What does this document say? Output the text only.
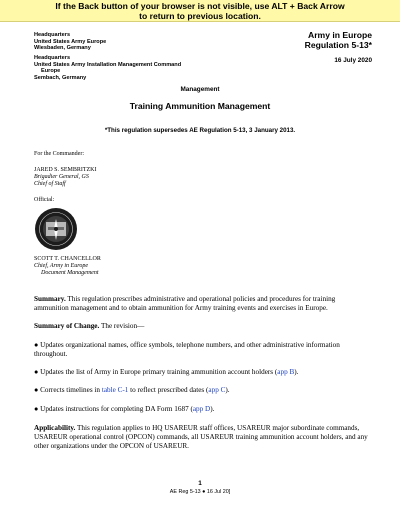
If the Back button of your browser is not visible, use ALT + Back Arrow
to return to previous location.
Headquarters
United States Army Europe
Wiesbaden, Germany
Headquarters
United States Army Installation Management Command
Europe
Sembach, Germany
Army in Europe
Regulation 5-13*
16 July 2020
Management
Training Ammunition Management
*This regulation supersedes AE Regulation 5-13, 3 January 2013.
For the Commander:
JARED S. SEMBRITZKI
Brigadier General, GS
Chief of Staff
Official:
SCOTT T. CHANCELLOR
Chief, Army in Europe
Document Management
Summary. This regulation prescribes administrative and operational policies and procedures for training ammunition management and to obtain ammunition for Army training events and exercises in Europe.
Summary of Change. The revision—
● Updates organizational names, office symbols, telephone numbers, and other administrative information throughout.
● Updates the list of Army in Europe primary training ammunition account holders (app B).
● Corrects timelines in table C-1 to reflect prescribed dates (app C).
● Updates instructions for completing DA Form 1687 (app D).
Applicability. This regulation applies to HQ USAREUR staff offices, USAREUR major subordinate commands, USAREUR operational control (OPCON) commands, all USAREUR training ammunition account holders, and any other organizations under the OPCON of USAREUR.
1
AE Reg 5-13 ● 16 Jul 20]
